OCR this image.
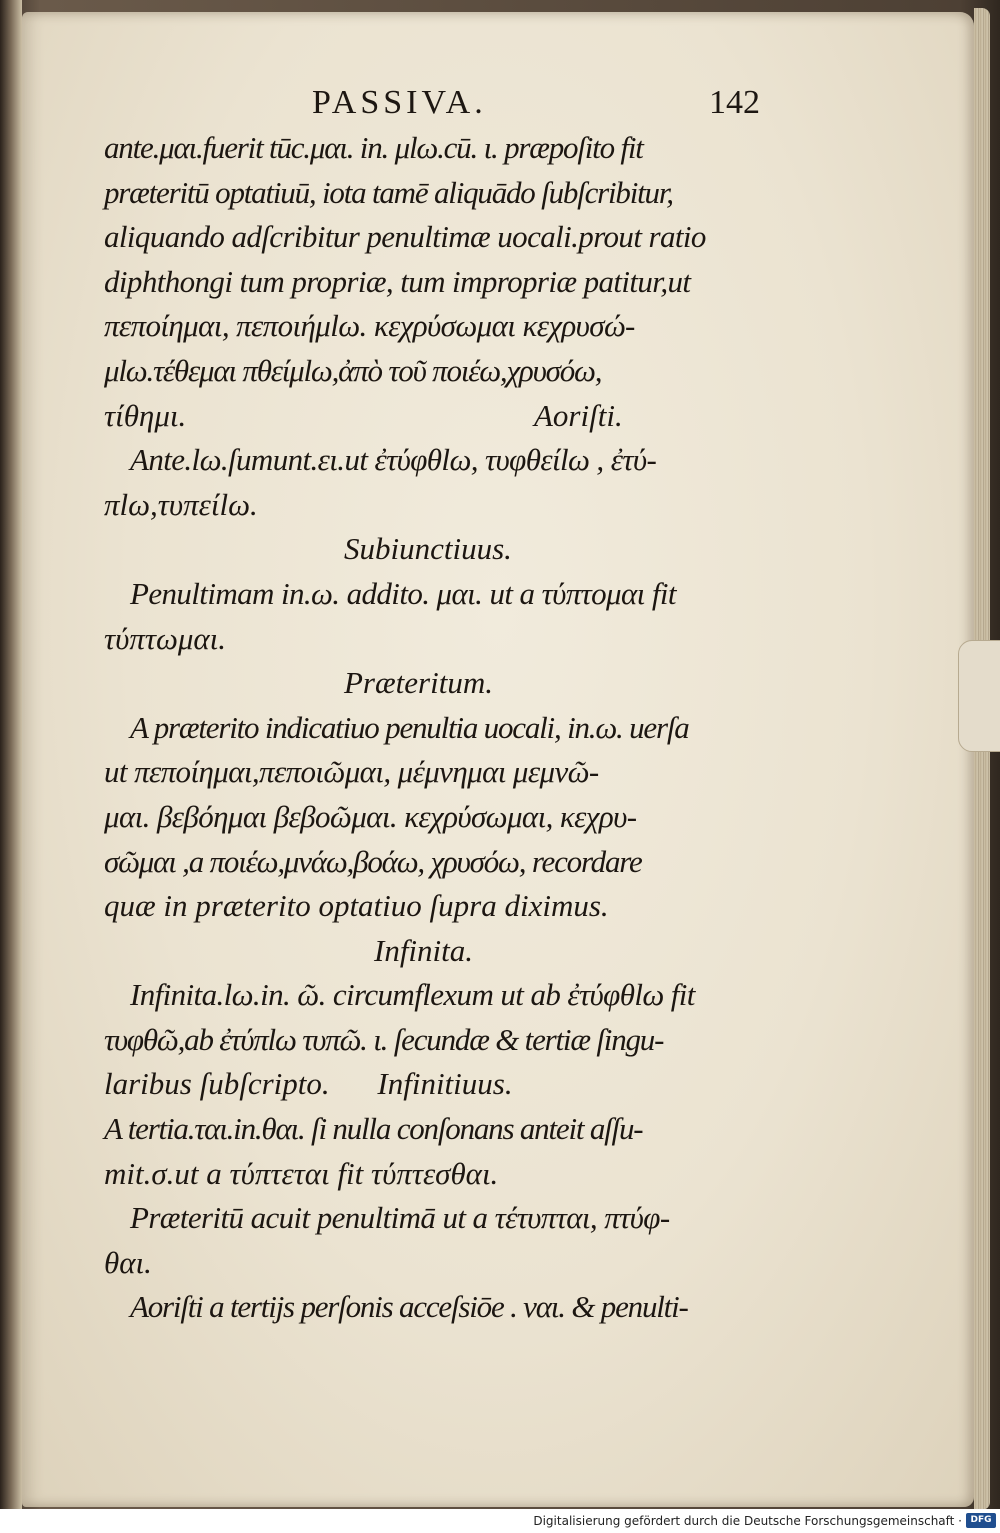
PASSIVA.	142
ante.μαι.fuerit tūc.μαι. in. μlω.cū. ι. præpoſito fit
præteritū optatiuū, iota tamē aliquādo ſubſcribitur,
aliquando adſcribitur penultimæ uocali.prout ratio
diphthongi tum propriæ, tum impropriæ patitur,ut
πεποίημαι, πεποιήμlω. κεχρύσωμαι κεχρυσώ-
μlω.τέθεμαι πθείμlω,ἀπὸ τοῦ ποιέω,χρυσόω,
τίθημι.	Aoriſti.
Ante.lω.ſumunt.ει.ut ἐτύφθlω, τυφθείlω , ἐτύ-
πlω,τυπείlω.
Subiunctiuus.
Penultimam in.ω. addito. μαι. ut a τύπτομαι fit
τύπτωμαι.
Præteritum.
A præterito indicatiuo penultia uocali, in.ω. uerſa
ut πεποίημαι,πεποιῶμαι, μέμνημαι μεμνῶ-
μαι. βεβόημαι βεβοῶμαι. κεχρύσωμαι, κεχρυ-
σῶμαι ,a ποιέω,μνάω,βοάω, χρυσόω, recordare
quæ in præterito optatiuo ſupra diximus.
Infinita.
Infinita.lω.in. ῶ. circumflexum ut ab ἐτύφθlω fit
τυφθῶ,ab ἐτύπlω τυπῶ. ι. ſecundæ & tertiæ ſingu-
laribus ſubſcripto. Infinitiuus.
A tertia.ται.in.θαι. ſi nulla conſonans anteit aſſu-
mit.σ.ut a τύπτεται fit τύπτεσθαι.
Præteritū acuit penultimā ut a τέτυπται, πτύφ-
θαι.
Aoriſti a tertijs perſonis acceſsiōe . ναι. & penulti-
Digitalisierung gefördert durch die Deutsche Forschungsgemeinschaft · DFG
